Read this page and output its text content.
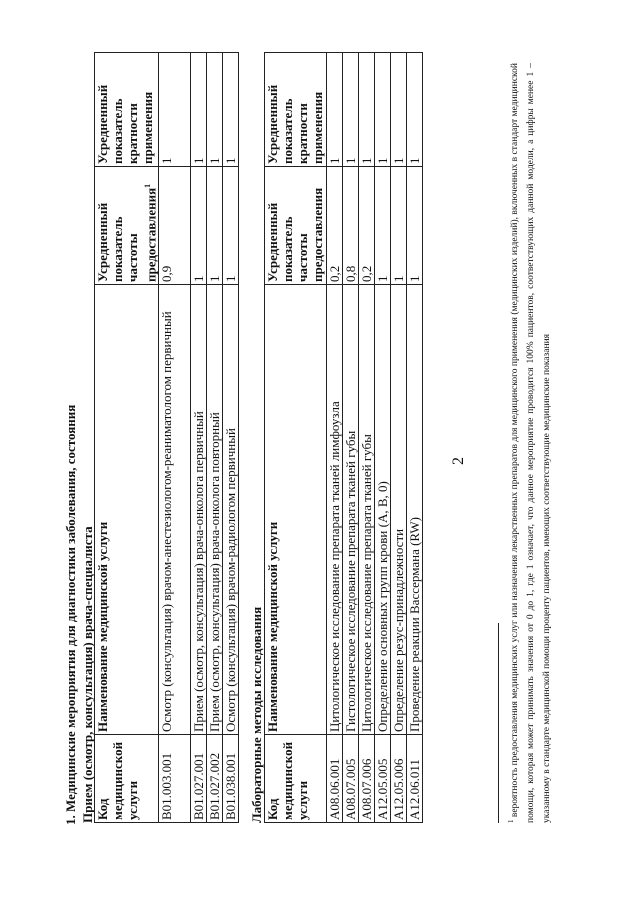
2
1. Медицинские мероприятия для диагностики заболевания, состояния Прием (осмотр, консультация) врача-специалиста Код медицинской услуги	Наименование медицинской услуги	Усредненный показатель частоты предоставления$^1$	Усредненный показатель кратности применения
B01.003.001	Осмотр (консультация) врачом-анестезиологом-реаниматологом первичный	0,9	1
B01.027.001	Прием (осмотр, консультация) врача-онколога первичный	1	1
B01.027.002	Прием (осмотр, консультация) врача-онколога повторный	1	1
B01.038.001	Осмотр (консультация) врачом-радиологом первичный	1	1
Лабораторные методы исследования Код медицинской услуги	Наименование медицинской услуги	Усредненный показатель частоты предоставления	Усредненный показатель кратности применения
A08.06.001	Цитологическое исследование препарата тканей лимфоузла	0,2	1
A08.07.005	Гистологическое исследование препарата тканей губы	0,8	1
A08.07.006	Цитологическое исследование препарата тканей губы	0,2	1
A12.05.005	Определение основных групп крови (A, B, 0)	1	1
A12.05.006	Определение резус-принадлежности	1	1
A12.06.011	Проведение реакции Вассермана (RW)	1	1
$^1$ вероятность предоставления медицинских услуг или назначения лекарственных препаратов для медицинского применения (медицинских изделий), включенных в стандарт медицинской помощи, которая может принимать значения от 0 до 1, где 1 означает, что данное мероприятие проводится 100% пациентов, соответствующих данной модели, а цифры менее 1 – указанному в стандарте медицинской помощи проценту пациентов, имеющих соответствующие медицинские показания
